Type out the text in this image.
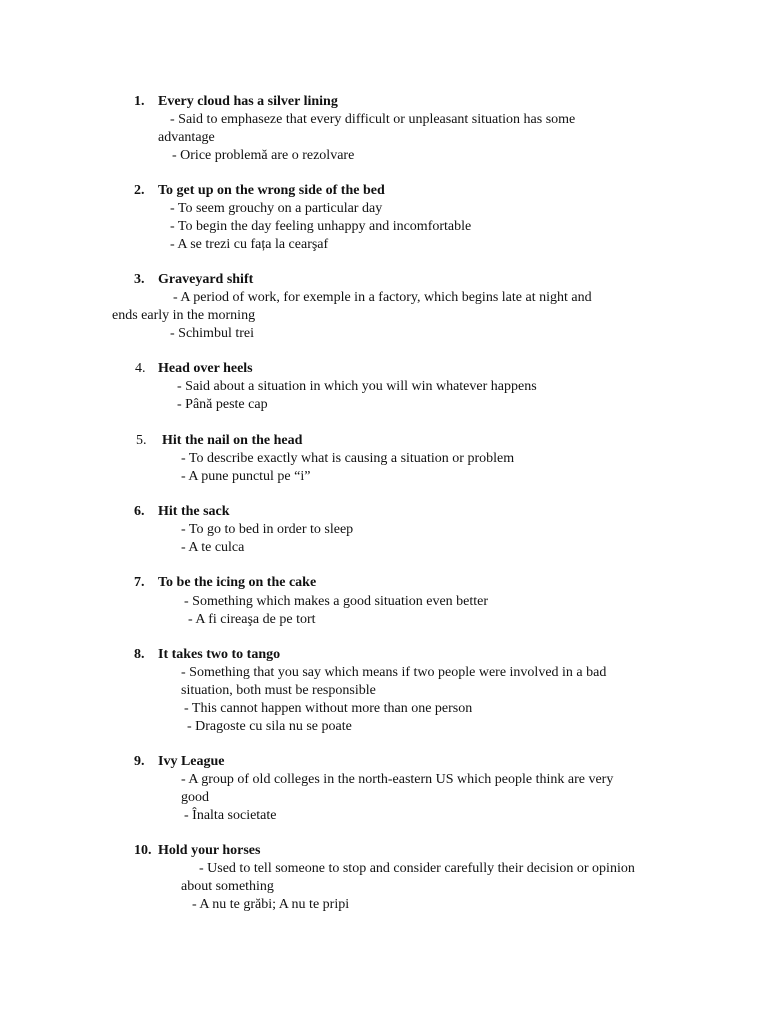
1. Every cloud has a silver lining
- Said to emphaseze that every difficult or unpleasant situation has some
advantage
- Orice problemă are o rezolvare
2. To get up on the wrong side of the bed
- To seem grouchy on a particular day
- To begin the day feeling unhappy and incomfortable
- A se trezi cu fața la cearşaf
3. Graveyard shift
- A period of work, for exemple in a factory, which begins late at night and
ends early in the morning
- Schimbul trei
4. Head over heels
- Said about a situation in which you will win whatever happens
- Până peste cap
5. Hit the nail on the head
- To describe exactly what is causing a situation or problem
- A pune punctul pe “i”
6. Hit the sack
- To go to bed in order to sleep
- A te culca
7. To be the icing on the cake
- Something which makes a good situation even better
- A fi cireaşa de pe tort
8. It takes two to tango
- Something that you say which means if two people were involved in a bad
situation, both must be responsible
- This cannot happen without more than one person
- Dragoste cu sila nu se poate
9. Ivy League
- A group of old colleges in the north-eastern US which people think are very
good
- Înalta societate
10. Hold your horses
- Used to tell someone to stop and consider carefully their decision or opinion
about something
- A nu te grăbi; A nu te pripi
